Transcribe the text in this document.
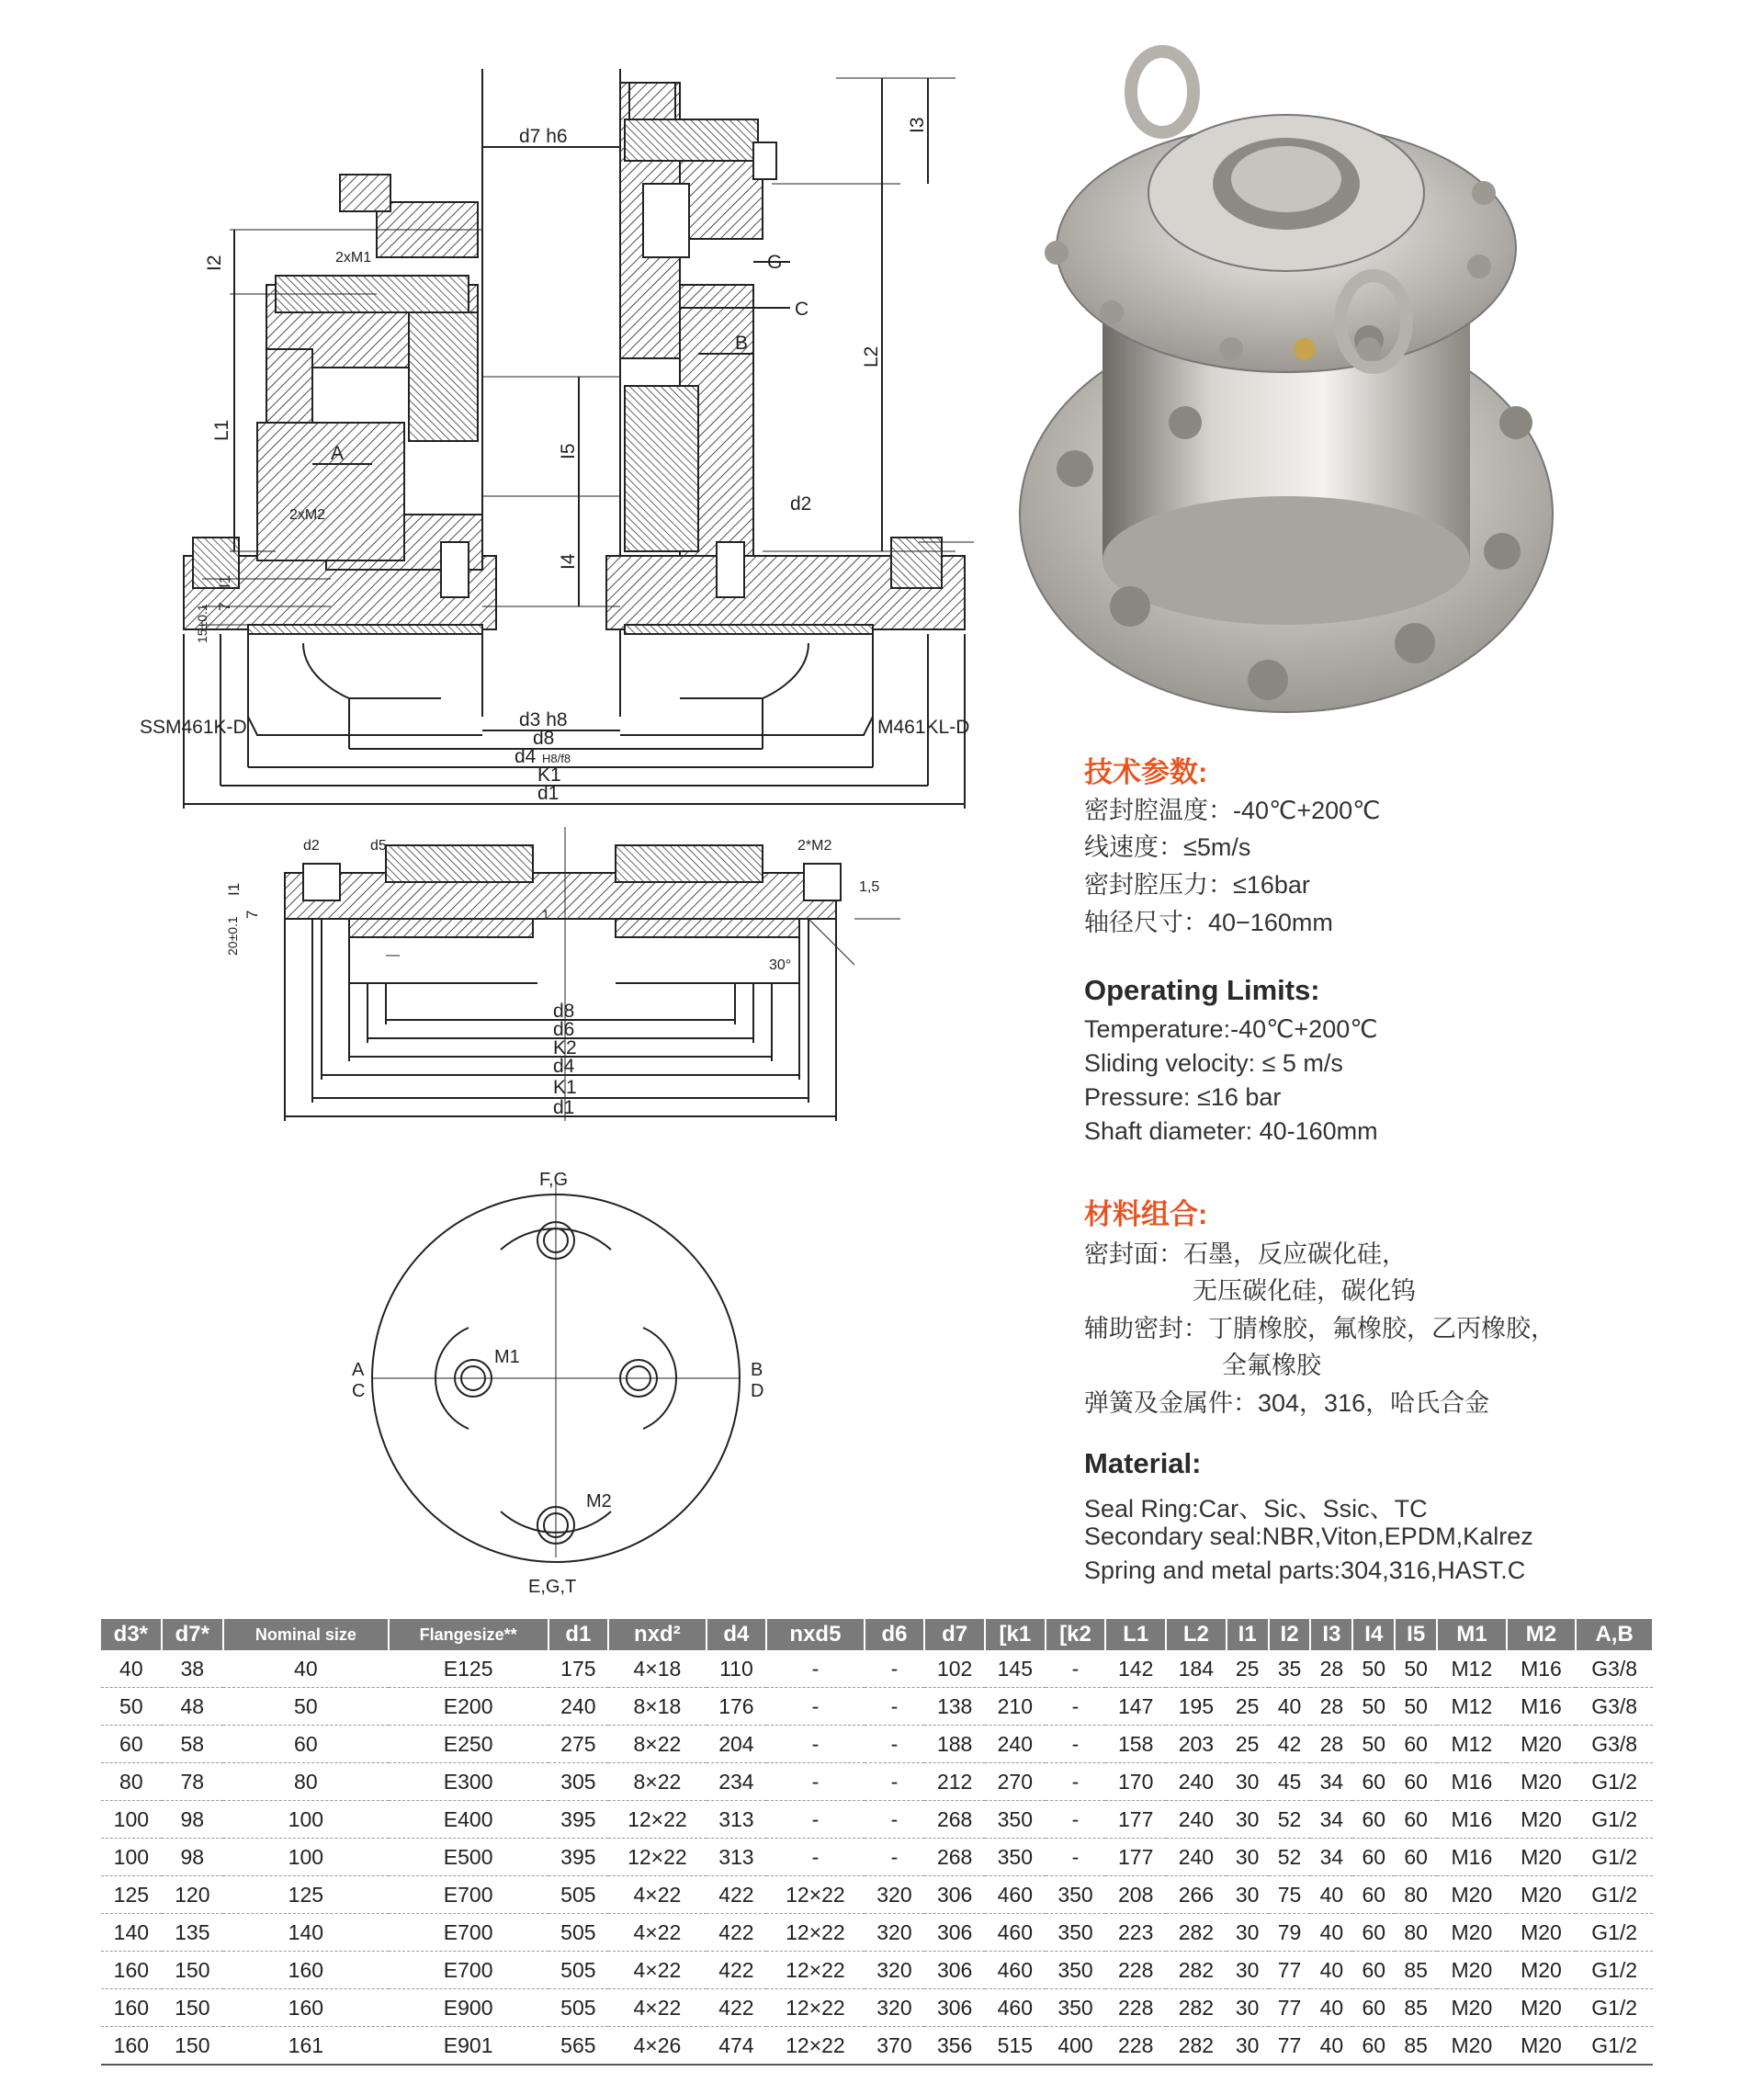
d7 h6
d3 h8
d8
d4 H8/f8
K1
d1
I2
L1
I5
I4
I3
L2
I1
7
15±0.1
2xM1
2xM2
d2
A
B
C
G
SSM461K-D	M461KL-D
d2	d5	2*M2
I1
7
20±0.1
1
1,5
30°
d8
d6
K2
d4
K1
d1
F,G
E,G,T
A
C
B
D
M1
M2
技术参数:
密封腔温度：-40℃+200℃
线速度：≤5m/s
密封腔压力：≤16bar
轴径尺寸：40−160mm
Operating Limits:
Temperature:-40℃+200℃
Sliding velocity: ≤ 5 m/s
Pressure: ≤16 bar
Shaft diameter: 40-160mm
材料组合:
密封面：石墨，反应碳化硅，
无压碳化硅，碳化钨
辅助密封：丁腈橡胶，氟橡胶，乙丙橡胶，
全氟橡胶
弹簧及金属件：304，316，哈氏合金
Material:
Seal Ring:Car、Sic、Ssic、TC
Secondary seal:NBR,Viton,EPDM,Kalrez
Spring and metal parts:304,316,HAST.C
d3*	d7*	Nominal size	Flangesize**	d1	nxd²	d4	nxd5	d6	d7	[k1	[k2	L1	L2	I1	I2	I3	I4	I5	M1	M2	A,B
40	38	40	E125	175	4×18	110	-	-	102	145	-	142	184	25	35	28	50	50	M12	M16	G3/8
50	48	50	E200	240	8×18	176	-	-	138	210	-	147	195	25	40	28	50	50	M12	M16	G3/8
60	58	60	E250	275	8×22	204	-	-	188	240	-	158	203	25	42	28	50	60	M12	M20	G3/8
80	78	80	E300	305	8×22	234	-	-	212	270	-	170	240	30	45	34	60	60	M16	M20	G1/2
100	98	100	E400	395	12×22	313	-	-	268	350	-	177	240	30	52	34	60	60	M16	M20	G1/2
100	98	100	E500	395	12×22	313	-	-	268	350	-	177	240	30	52	34	60	60	M16	M20	G1/2
125	120	125	E700	505	4×22	422	12×22	320	306	460	350	208	266	30	75	40	60	80	M20	M20	G1/2
140	135	140	E700	505	4×22	422	12×22	320	306	460	350	223	282	30	79	40	60	80	M20	M20	G1/2
160	150	160	E700	505	4×22	422	12×22	320	306	460	350	228	282	30	77	40	60	85	M20	M20	G1/2
160	150	160	E900	505	4×22	422	12×22	320	306	460	350	228	282	30	77	40	60	85	M20	M20	G1/2
160	150	161	E901	565	4×26	474	12×22	370	356	515	400	228	282	30	77	40	60	85	M20	M20	G1/2
